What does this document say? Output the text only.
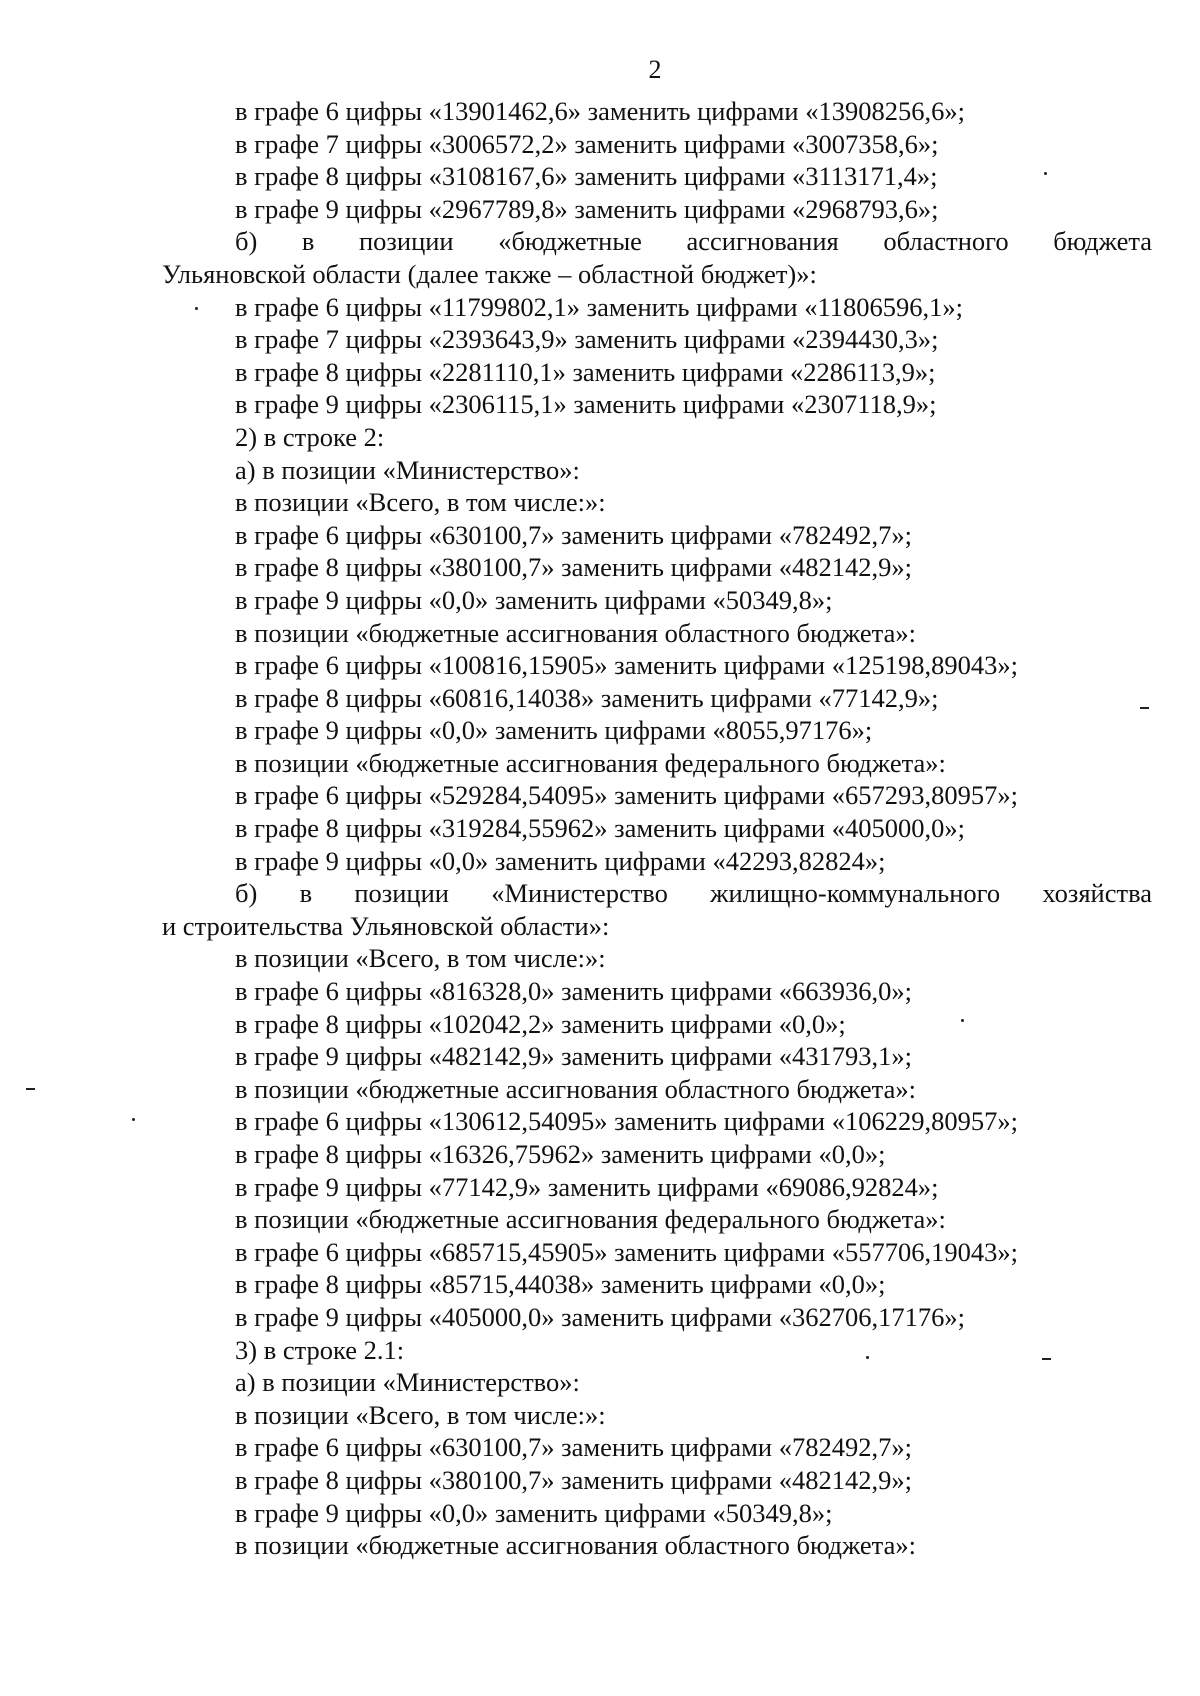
2
в графе 6 цифры «13901462,6» заменить цифрами «13908256,6»;
в графе 7 цифры «3006572,2» заменить цифрами «3007358,6»;
в графе 8 цифры «3108167,6» заменить цифрами «3113171,4»;
в графе 9 цифры «2967789,8» заменить цифрами «2968793,6»;
б) в позиции «бюджетные ассигнования областного бюджета
Ульяновской области (далее также – областной бюджет)»:
в графе 6 цифры «11799802,1» заменить цифрами «11806596,1»;
в графе 7 цифры «2393643,9» заменить цифрами «2394430,3»;
в графе 8 цифры «2281110,1» заменить цифрами «2286113,9»;
в графе 9 цифры «2306115,1» заменить цифрами «2307118,9»;
2) в строке 2:
а) в позиции «Министерство»:
в позиции «Всего, в том числе:»:
в графе 6 цифры «630100,7» заменить цифрами «782492,7»;
в графе 8 цифры «380100,7» заменить цифрами «482142,9»;
в графе 9 цифры «0,0» заменить цифрами «50349,8»;
в позиции «бюджетные ассигнования областного бюджета»:
в графе 6 цифры «100816,15905» заменить цифрами «125198,89043»;
в графе 8 цифры «60816,14038» заменить цифрами «77142,9»;
в графе 9 цифры «0,0» заменить цифрами «8055,97176»;
в позиции «бюджетные ассигнования федерального бюджета»:
в графе 6 цифры «529284,54095» заменить цифрами «657293,80957»;
в графе 8 цифры «319284,55962» заменить цифрами «405000,0»;
в графе 9 цифры «0,0» заменить цифрами «42293,82824»;
б) в позиции «Министерство жилищно-коммунального хозяйства
и строительства Ульяновской области»:
в позиции «Всего, в том числе:»:
в графе 6 цифры «816328,0» заменить цифрами «663936,0»;
в графе 8 цифры «102042,2» заменить цифрами «0,0»;
в графе 9 цифры «482142,9» заменить цифрами «431793,1»;
в позиции «бюджетные ассигнования областного бюджета»:
в графе 6 цифры «130612,54095» заменить цифрами «106229,80957»;
в графе 8 цифры «16326,75962» заменить цифрами «0,0»;
в графе 9 цифры «77142,9» заменить цифрами «69086,92824»;
в позиции «бюджетные ассигнования федерального бюджета»:
в графе 6 цифры «685715,45905» заменить цифрами «557706,19043»;
в графе 8 цифры «85715,44038» заменить цифрами «0,0»;
в графе 9 цифры «405000,0» заменить цифрами «362706,17176»;
3) в строке 2.1:
а) в позиции «Министерство»:
в позиции «Всего, в том числе:»:
в графе 6 цифры «630100,7» заменить цифрами «782492,7»;
в графе 8 цифры «380100,7» заменить цифрами «482142,9»;
в графе 9 цифры «0,0» заменить цифрами «50349,8»;
в позиции «бюджетные ассигнования областного бюджета»:
